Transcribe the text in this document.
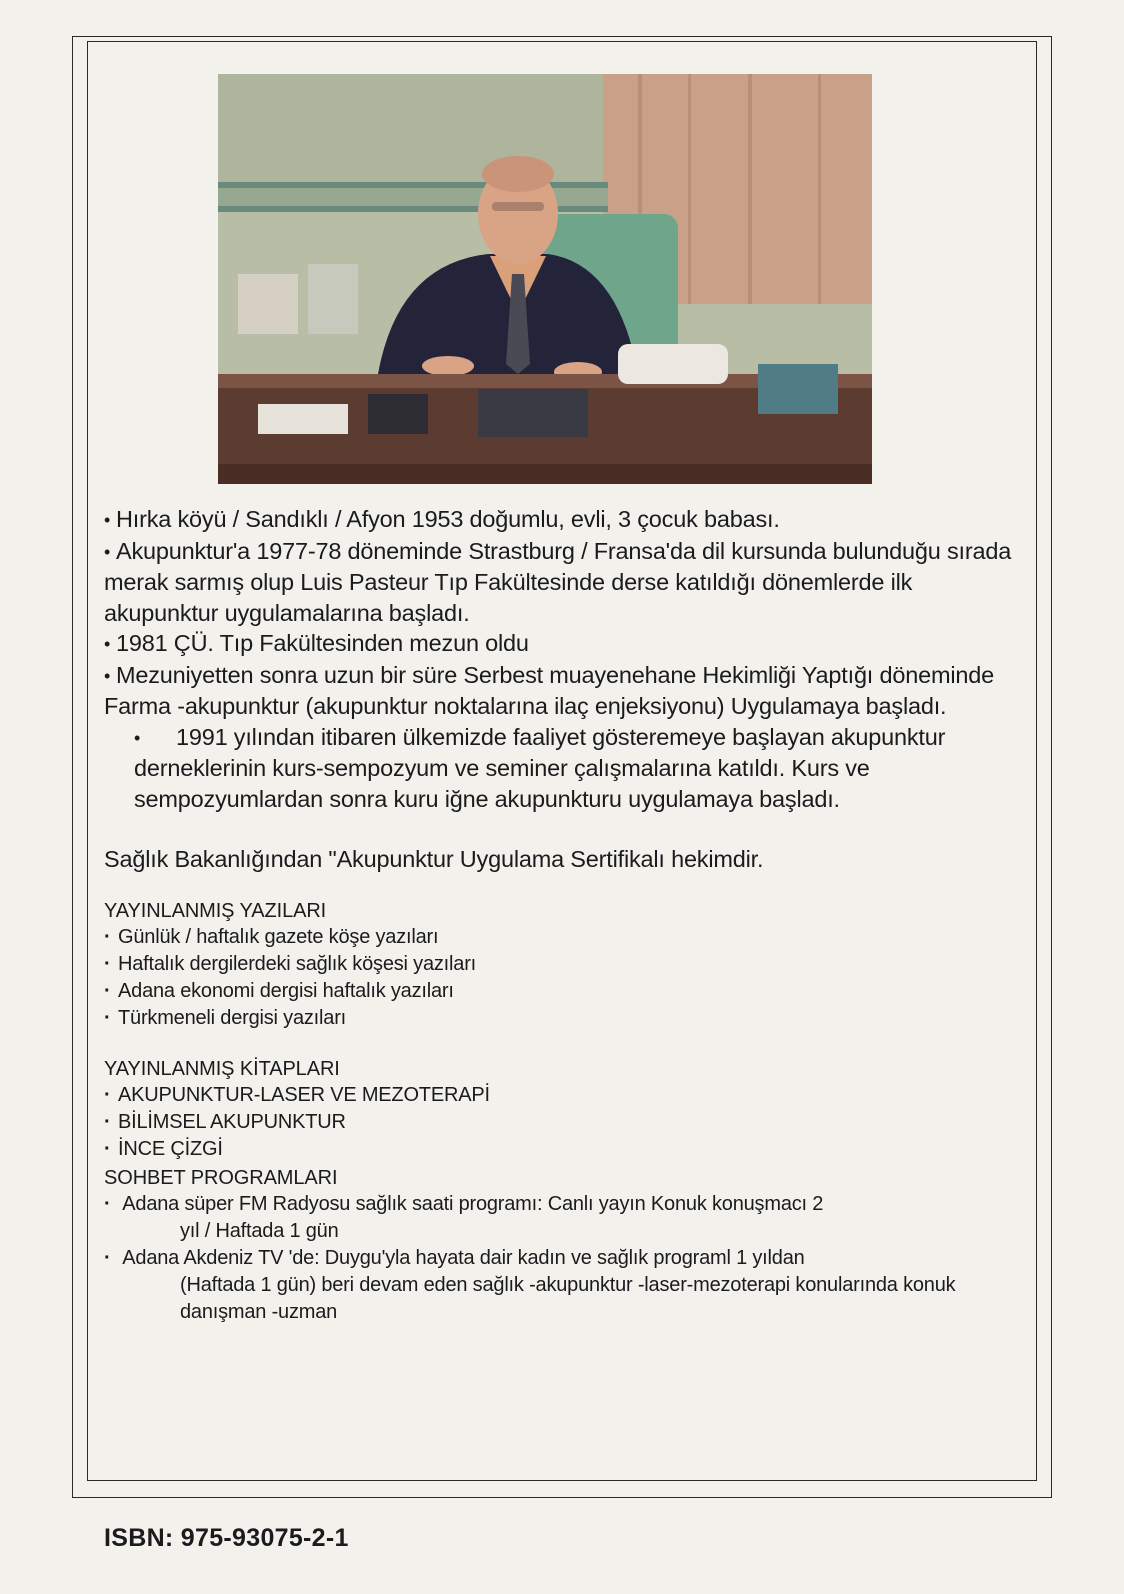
• Hırka köyü / Sandıklı / Afyon 1953 doğumlu, evli, 3 çocuk babası.

• Akupunktur'a 1977-78 döneminde Strastburg / Fransa'da dil kursunda bulunduğu sırada merak sarmış olup Luis Pasteur Tıp Fakültesinde derse katıldığı dönemlerde ilk akupunktur uygulamalarına başladı.

• 1981 ÇÜ. Tıp Fakültesinden mezun oldu

• Mezuniyetten sonra uzun bir süre Serbest muayenehane Hekimliği Yaptığı döneminde Farma -akupunktur (akupunktur noktalarına ilaç enjeksiyonu) Uygulamaya başladı.

• 1991 yılından itibaren ülkemizde faaliyet gösteremeye başlayan akupunktur derneklerinin kurs-sempozyum ve seminer çalışmalarına katıldı. Kurs ve sempozyumlardan sonra kuru iğne akupunkturu uygulamaya başladı.

Sağlık Bakanlığından "Akupunktur Uygulama Sertifikalı hekimdir.

YAYINLANMIŞ YAZILARI

· Günlük / haftalık gazete köşe yazıları
· Haftalık dergilerdeki sağlık köşesi yazıları
· Adana ekonomi dergisi haftalık yazıları
· Türkmeneli dergisi yazıları

YAYINLANMIŞ KİTAPLARI

· AKUPUNKTUR-LASER VE MEZOTERAPİ
· BİLİMSEL AKUPUNKTUR
· İNCE ÇİZGİ

SOHBET PROGRAMLARI

· Adana süper FM Radyosu sağlık saati programı: Canlı yayın Konuk konuşmacı 2
yıl / Haftada 1 gün
· Adana Akdeniz TV 'de: Duygu'yla hayata dair kadın ve sağlık programl 1 yıldan
(Haftada 1 gün) beri devam eden sağlık -akupunktur -laser-mezoterapi konularında konuk danışman -uzman
ISBN: 975-93075-2-1
